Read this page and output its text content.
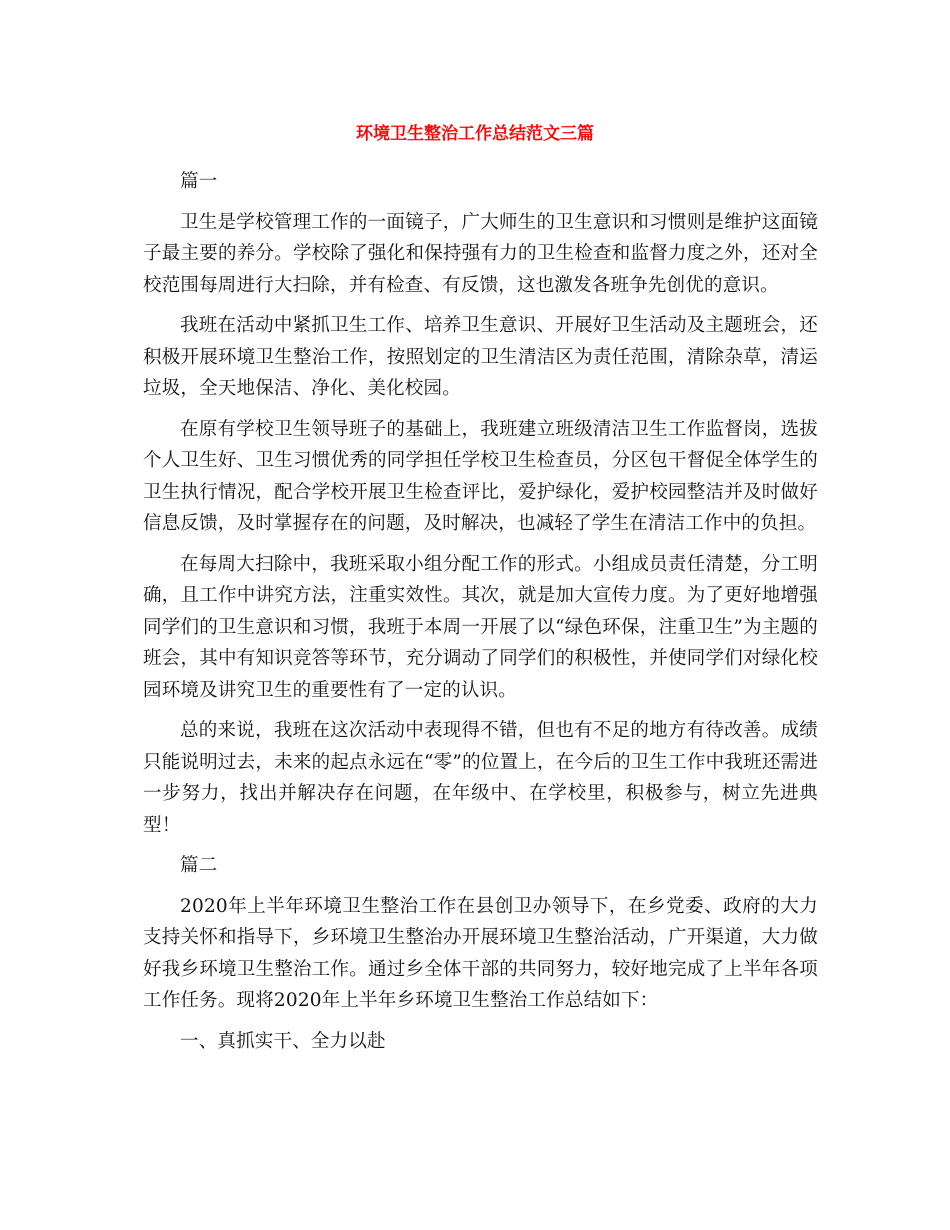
环境卫生整治工作总结范文三篇

篇一

卫生是学校管理工作的一面镜子，广大师生的卫生意识和习惯则是维护这面镜子最主要的养分。学校除了强化和保持强有力的卫生检查和监督力度之外，还对全校范围每周进行大扫除，并有检查、有反馈，这也激发各班争先创优的意识。

我班在活动中紧抓卫生工作、培养卫生意识、开展好卫生活动及主题班会，还积极开展环境卫生整治工作，按照划定的卫生清洁区为责任范围，清除杂草，清运垃圾，全天地保洁、净化、美化校园。

在原有学校卫生领导班子的基础上，我班建立班级清洁卫生工作监督岗，选拔个人卫生好、卫生习惯优秀的同学担任学校卫生检查员，分区包干督促全体学生的卫生执行情况，配合学校开展卫生检查评比，爱护绿化，爱护校园整洁并及时做好信息反馈，及时掌握存在的问题，及时解决，也减轻了学生在清洁工作中的负担。

在每周大扫除中，我班采取小组分配工作的形式。小组成员责任清楚，分工明确，且工作中讲究方法，注重实效性。其次，就是加大宣传力度。为了更好地增强同学们的卫生意识和习惯，我班于本周一开展了以“绿色环保，注重卫生”为主题的班会，其中有知识竞答等环节，充分调动了同学们的积极性，并使同学们对绿化校园环境及讲究卫生的重要性有了一定的认识。

总的来说，我班在这次活动中表现得不错，但也有不足的地方有待改善。成绩只能说明过去，未来的起点永远在“零”的位置上，在今后的卫生工作中我班还需进一步努力，找出并解决存在问题，在年级中、在学校里，积极参与，树立先进典型！

篇二

2020年上半年环境卫生整治工作在县创卫办领导下，在乡党委、政府的大力支持关怀和指导下，乡环境卫生整治办开展环境卫生整治活动，广开渠道，大力做好我乡环境卫生整治工作。通过乡全体干部的共同努力，较好地完成了上半年各项工作任务。现将2020年上半年乡环境卫生整治工作总结如下：

一、真抓实干、全力以赴
